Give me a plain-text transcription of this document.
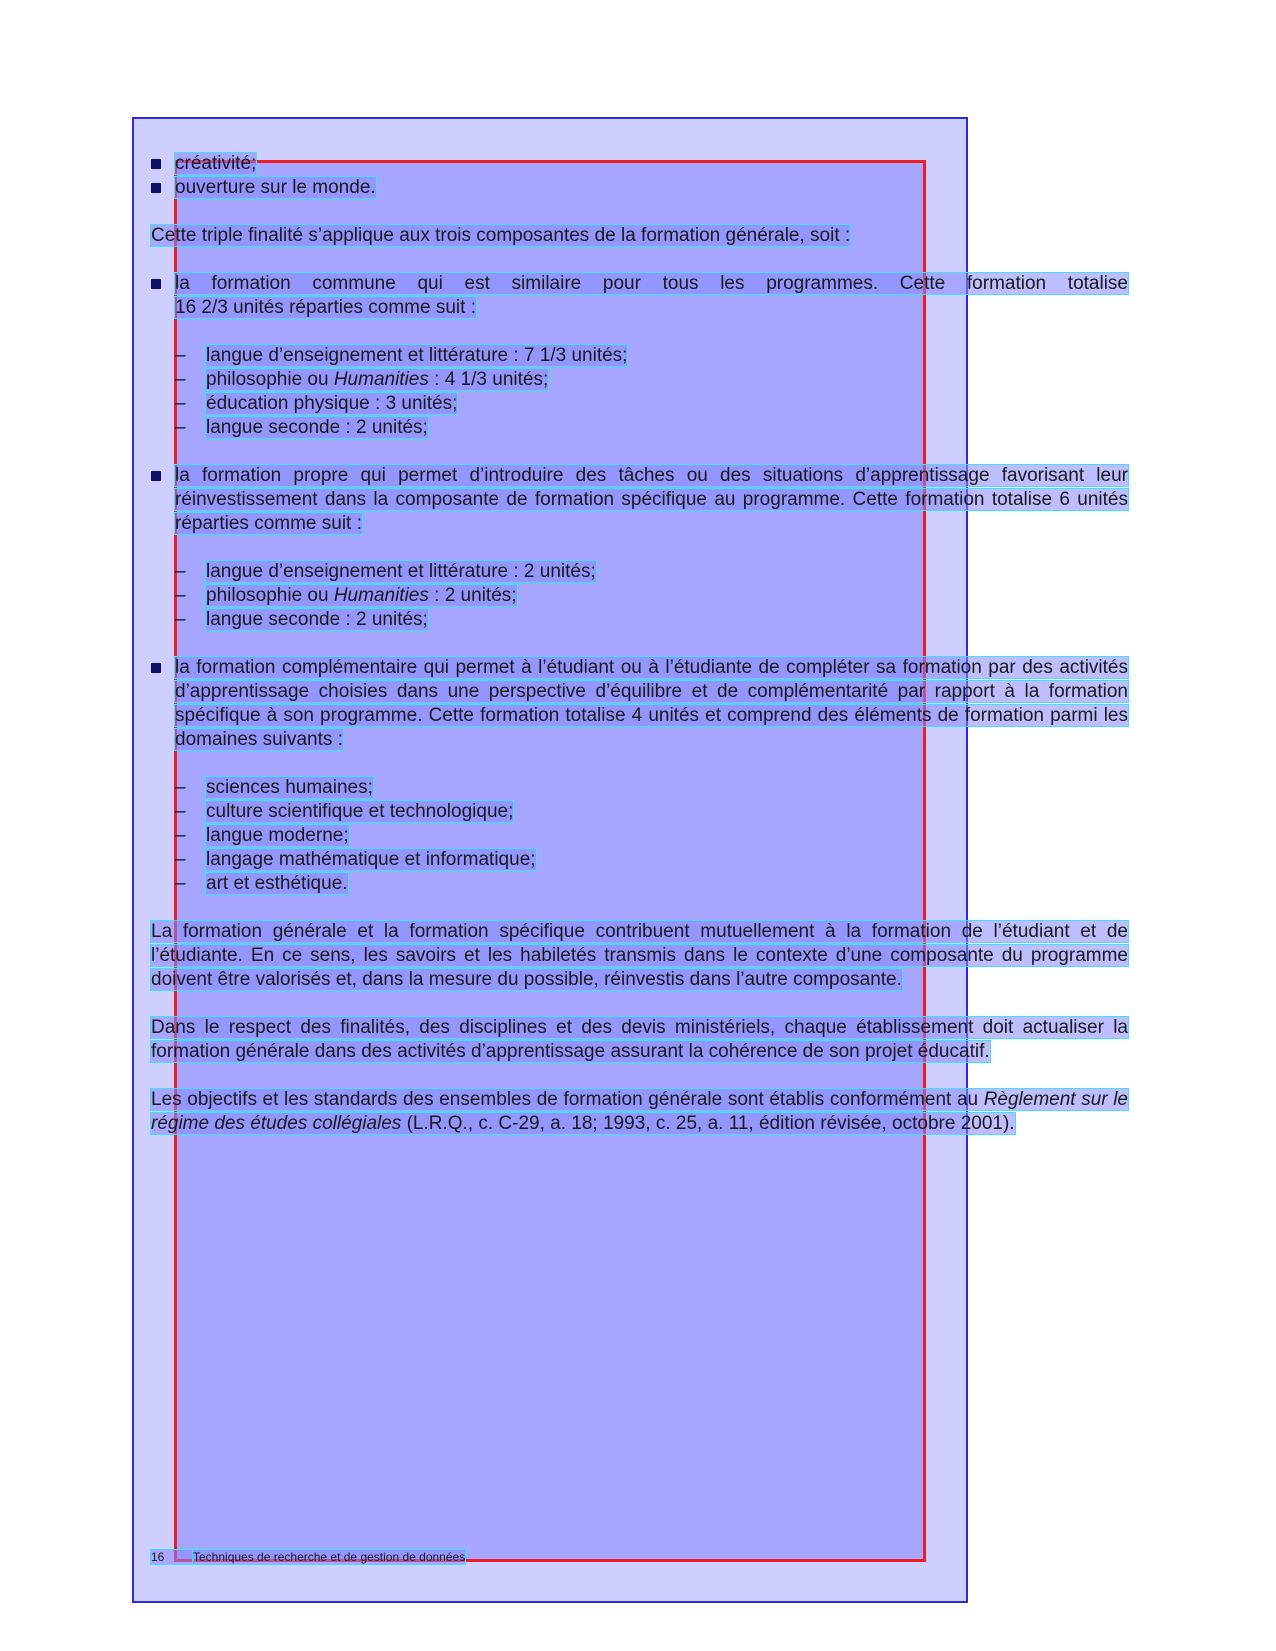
créativité;

ouverture sur le monde.

Cette triple finalité s’applique aux trois composantes de la formation générale, soit :

la formation commune qui est similaire pour tous les programmes. Cette formation totalise

16 2/3 unités réparties comme suit :

– langue d’enseignement et littérature : 7 1/3 unités;

– philosophie ou Humanities : 4 1/3 unités;

– éducation physique : 3 unités;

– langue seconde : 2 unités;

la formation propre qui permet d’introduire des tâches ou des situations d’apprentissage favorisant leur réinvestissement dans la composante de formation spécifique au programme. Cette formation totalise 6 unités réparties comme suit :

– langue d’enseignement et littérature : 2 unités;

– philosophie ou Humanities : 2 unités;

– langue seconde : 2 unités;

la formation complémentaire qui permet à l’étudiant ou à l’étudiante de compléter sa formation par des activités d’apprentissage choisies dans une perspective d’équilibre et de complémentarité par rapport à la formation spécifique à son programme. Cette formation totalise 4 unités et comprend des éléments de formation parmi les domaines suivants :

– sciences humaines;

– culture scientifique et technologique;

– langue moderne;

– langage mathématique et informatique;

– art et esthétique.

La formation générale et la formation spécifique contribuent mutuellement à la formation de l’étudiant et de l’étudiante. En ce sens, les savoirs et les habiletés transmis dans le contexte d’une composante du programme doivent être valorisés et, dans la mesure du possible, réinvestis dans l’autre composante.

Dans le respect des finalités, des disciplines et des devis ministériels, chaque établissement doit actualiser la formation générale dans des activités d’apprentissage assurant la cohérence de son projet éducatif.

Les objectifs et les standards des ensembles de formation générale sont établis conformément au Règlement sur le régime des études collégiales (L.R.Q., c. C-29, a. 18; 1993, c. 25, a. 11, édition révisée, octobre 2001).

16 Techniques de recherche et de gestion de données
